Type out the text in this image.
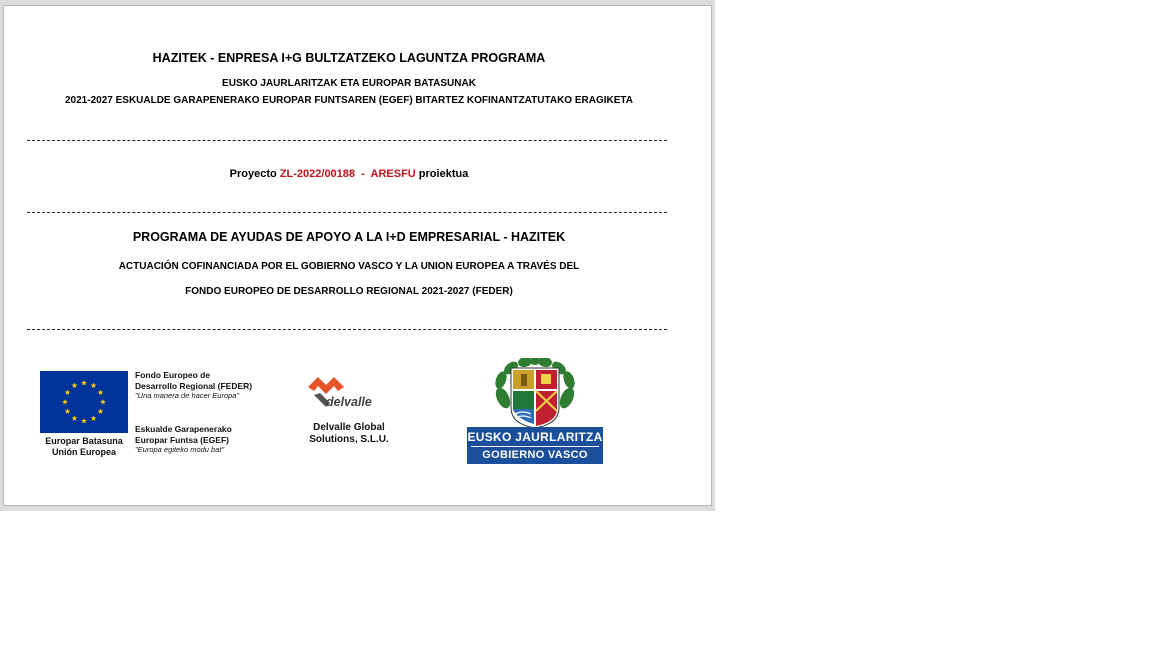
HAZITEK - ENPRESA I+G BULTZATZEKO LAGUNTZA PROGRAMA
EUSKO JAURLARITZAK ETA EUROPAR BATASUNAK
2021-2027 ESKUALDE GARAPENERAKO EUROPAR FUNTSAREN (EGEF) BITARTEZ KOFINANTZATUTAKO ERAGIKETA
Proyecto ZL-2022/00188  -  ARESFU proiektua
PROGRAMA DE AYUDAS DE APOYO A LA I+D EMPRESARIAL - HAZITEK
ACTUACIÓN COFINANCIADA POR EL GOBIERNO VASCO Y LA UNION EUROPEA A TRAVÉS DEL
FONDO EUROPEO DE DESARROLLO REGIONAL 2021-2027 (FEDER)
Europar Batasuna
Unión Europea
Fondo Europeo de
Desarrollo Regional (FEDER)
"Una manera de hacer Europa"
Eskualde Garapenerako
Europar Funtsa (EGEF)
"Europa egiteko modu bat"
delvalle
Delvalle Global
Solutions, S.L.U.	EUSKO JAURLARITZA
GOBIERNO VASCO
